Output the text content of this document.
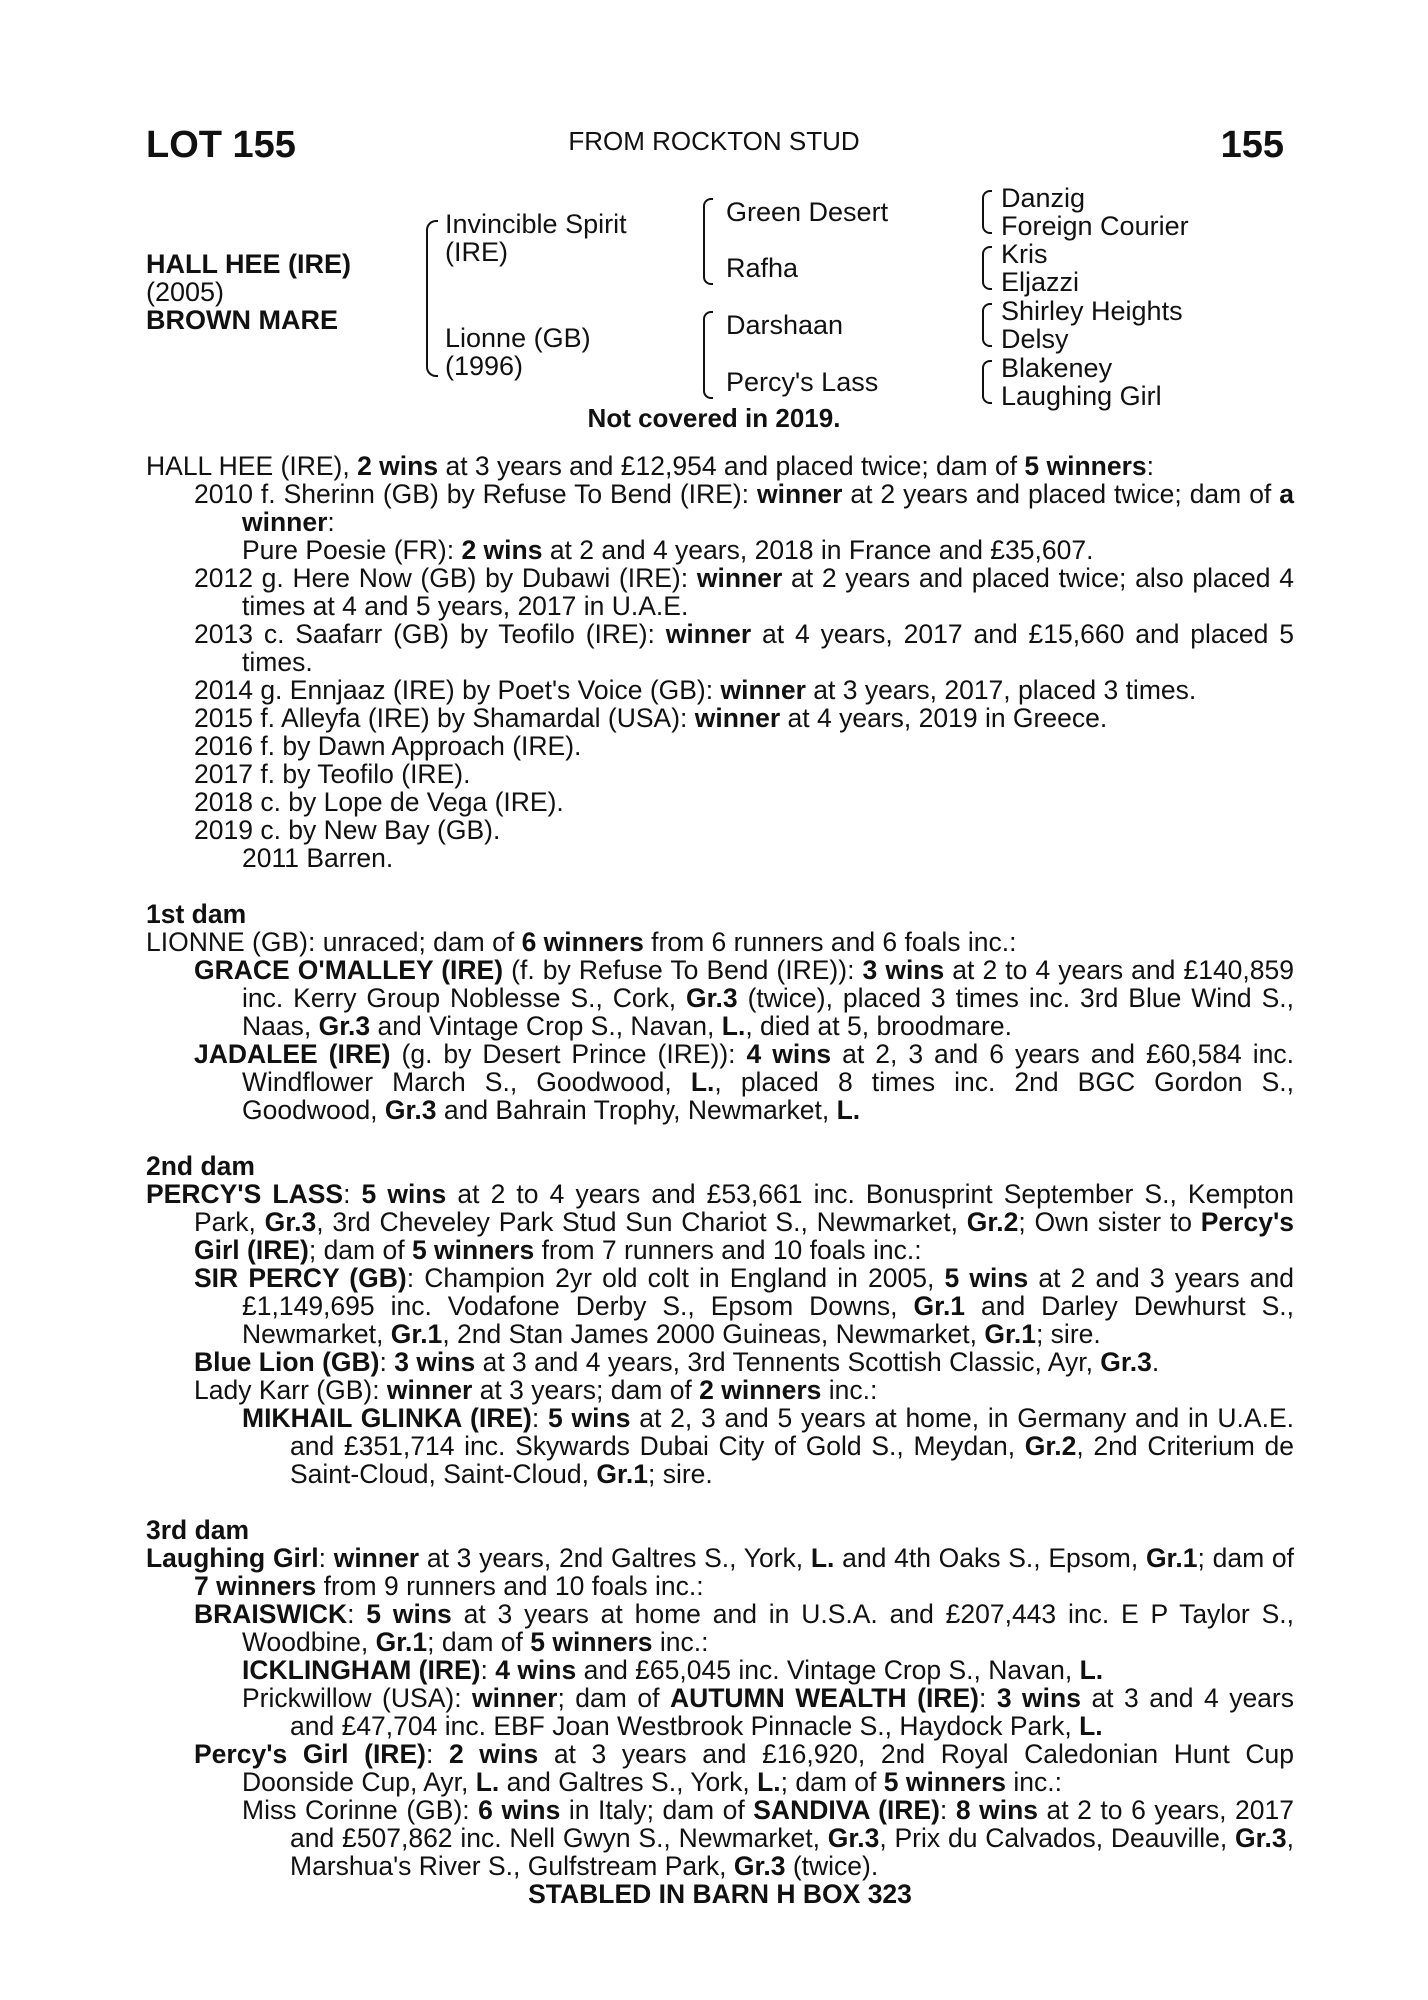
LOT 155	FROM ROCKTON STUD	155
HALL HEE (IRE)
(2005)
BROWN MARE
Invincible Spirit
(IRE)
Lionne (GB)
(1996)
Green Desert
Rafha
Darshaan
Percy's Lass
Danzig
Foreign Courier
Kris
Eljazzi
Shirley Heights
Delsy
Blakeney
Laughing Girl
Not covered in 2019.

HALL HEE (IRE), 2 wins at 3 years and £12,954 and placed twice; dam of 5 winners:

2010 f. Sherinn (GB) by Refuse To Bend (IRE): winner at 2 years and placed twice; dam of a winner:

Pure Poesie (FR): 2 wins at 2 and 4 years, 2018 in France and £35,607.

2012 g. Here Now (GB) by Dubawi (IRE): winner at 2 years and placed twice; also placed 4 times at 4 and 5 years, 2017 in U.A.E.

2013 c. Saafarr (GB) by Teofilo (IRE): winner at 4 years, 2017 and £15,660 and placed 5 times.

2014 g. Ennjaaz (IRE) by Poet's Voice (GB): winner at 3 years, 2017, placed 3 times.

2015 f. Alleyfa (IRE) by Shamardal (USA): winner at 4 years, 2019 in Greece.

2016 f. by Dawn Approach (IRE).

2017 f. by Teofilo (IRE).

2018 c. by Lope de Vega (IRE).

2019 c. by New Bay (GB).

2011 Barren.

1st dam

LIONNE (GB): unraced; dam of 6 winners from 6 runners and 6 foals inc.:

GRACE O'MALLEY (IRE) (f. by Refuse To Bend (IRE)): 3 wins at 2 to 4 years and £140,859 inc. Kerry Group Noblesse S., Cork, Gr.3 (twice), placed 3 times inc. 3rd Blue Wind S., Naas, Gr.3 and Vintage Crop S., Navan, L., died at 5, broodmare.

JADALEE (IRE) (g. by Desert Prince (IRE)): 4 wins at 2, 3 and 6 years and £60,584 inc. Windflower March S., Goodwood, L., placed 8 times inc. 2nd BGC Gordon S., Goodwood, Gr.3 and Bahrain Trophy, Newmarket, L.

2nd dam

PERCY'S LASS: 5 wins at 2 to 4 years and £53,661 inc. Bonusprint September S., Kempton Park, Gr.3, 3rd Cheveley Park Stud Sun Chariot S., Newmarket, Gr.2; Own sister to Percy's Girl (IRE); dam of 5 winners from 7 runners and 10 foals inc.:

SIR PERCY (GB): Champion 2yr old colt in England in 2005, 5 wins at 2 and 3 years and £1,149,695 inc. Vodafone Derby S., Epsom Downs, Gr.1 and Darley Dewhurst S., Newmarket, Gr.1, 2nd Stan James 2000 Guineas, Newmarket, Gr.1; sire.

Blue Lion (GB): 3 wins at 3 and 4 years, 3rd Tennents Scottish Classic, Ayr, Gr.3.

Lady Karr (GB): winner at 3 years; dam of 2 winners inc.:

MIKHAIL GLINKA (IRE): 5 wins at 2, 3 and 5 years at home, in Germany and in U.A.E. and £351,714 inc. Skywards Dubai City of Gold S., Meydan, Gr.2, 2nd Criterium de Saint-Cloud, Saint-Cloud, Gr.1; sire.

3rd dam

Laughing Girl: winner at 3 years, 2nd Galtres S., York, L. and 4th Oaks S., Epsom, Gr.1; dam of 7 winners from 9 runners and 10 foals inc.:

BRAISWICK: 5 wins at 3 years at home and in U.S.A. and £207,443 inc. E P Taylor S., Woodbine, Gr.1; dam of 5 winners inc.:

ICKLINGHAM (IRE): 4 wins and £65,045 inc. Vintage Crop S., Navan, L.

Prickwillow (USA): winner; dam of AUTUMN WEALTH (IRE): 3 wins at 3 and 4 years and £47,704 inc. EBF Joan Westbrook Pinnacle S., Haydock Park, L.

Percy's Girl (IRE): 2 wins at 3 years and £16,920, 2nd Royal Caledonian Hunt Cup Doonside Cup, Ayr, L. and Galtres S., York, L.; dam of 5 winners inc.:

Miss Corinne (GB): 6 wins in Italy; dam of SANDIVA (IRE): 8 wins at 2 to 6 years, 2017 and £507,862 inc. Nell Gwyn S., Newmarket, Gr.3, Prix du Calvados, Deauville, Gr.3, Marshua's River S., Gulfstream Park, Gr.3 (twice).

STABLED IN BARN H BOX 323
